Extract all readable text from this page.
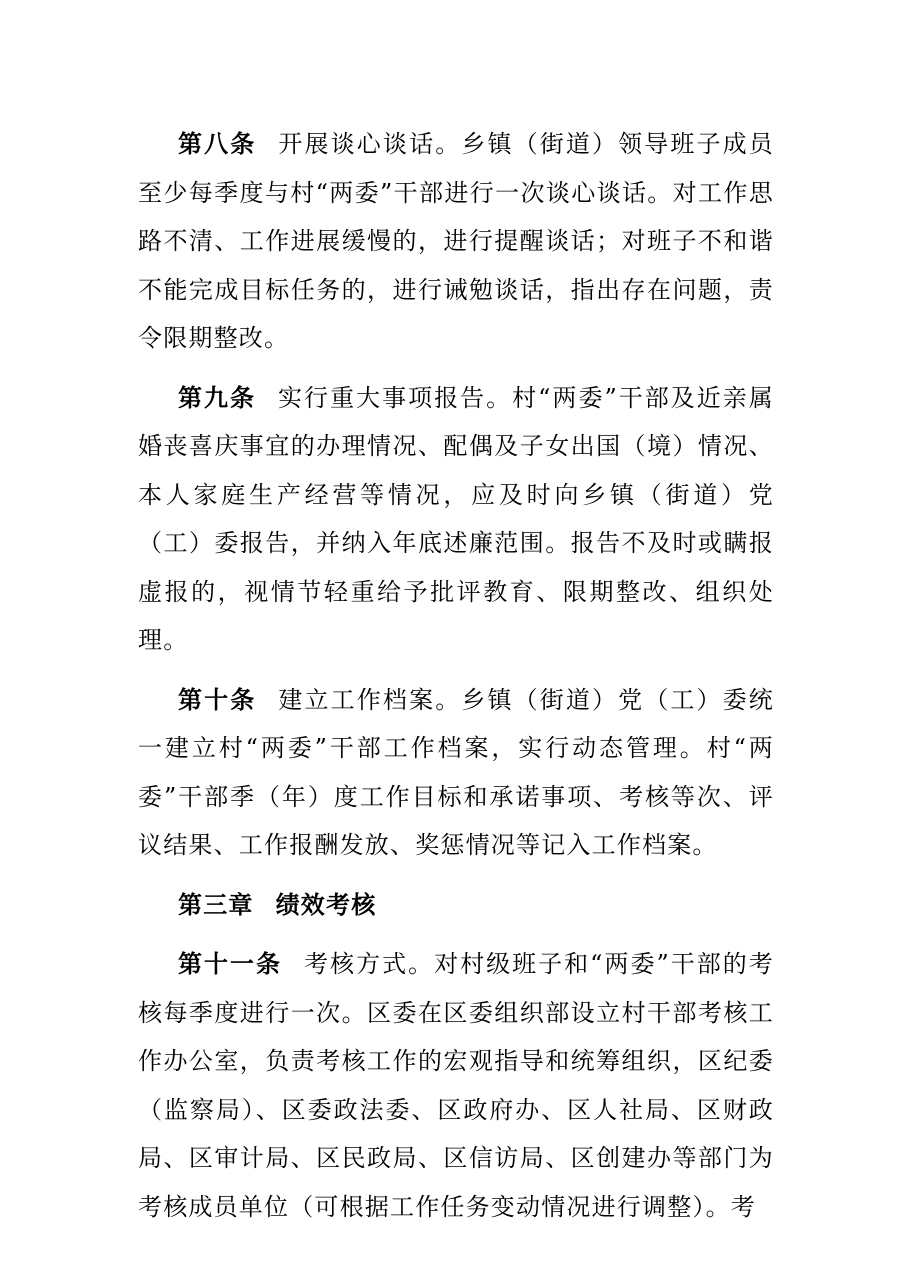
第八条 开展谈心谈话。乡镇（街道）领导班子成员至少每季度与村“两委”干部进行一次谈心谈话。对工作思路不清、工作进展缓慢的，进行提醒谈话；对班子不和谐不能完成目标任务的，进行诫勉谈话，指出存在问题，责令限期整改。

第九条 实行重大事项报告。村“两委”干部及近亲属婚丧喜庆事宜的办理情况、配偶及子女出国（境）情况、本人家庭生产经营等情况，应及时向乡镇（街道）党（工）委报告，并纳入年底述廉范围。报告不及时或瞒报虚报的，视情节轻重给予批评教育、限期整改、组织处理。

第十条 建立工作档案。乡镇（街道）党（工）委统一建立村“两委”干部工作档案，实行动态管理。村“两委”干部季（年）度工作目标和承诺事项、考核等次、评议结果、工作报酬发放、奖惩情况等记入工作档案。

第三章 绩效考核

第十一条 考核方式。对村级班子和“两委”干部的考核每季度进行一次。区委在区委组织部设立村干部考核工作办公室，负责考核工作的宏观指导和统筹组织，区纪委（监察局）、区委政法委、区政府办、区人社局、区财政局、区审计局、区民政局、区信访局、区创建办等部门为考核成员单位（可根据工作任务变动情况进行调整）。考
